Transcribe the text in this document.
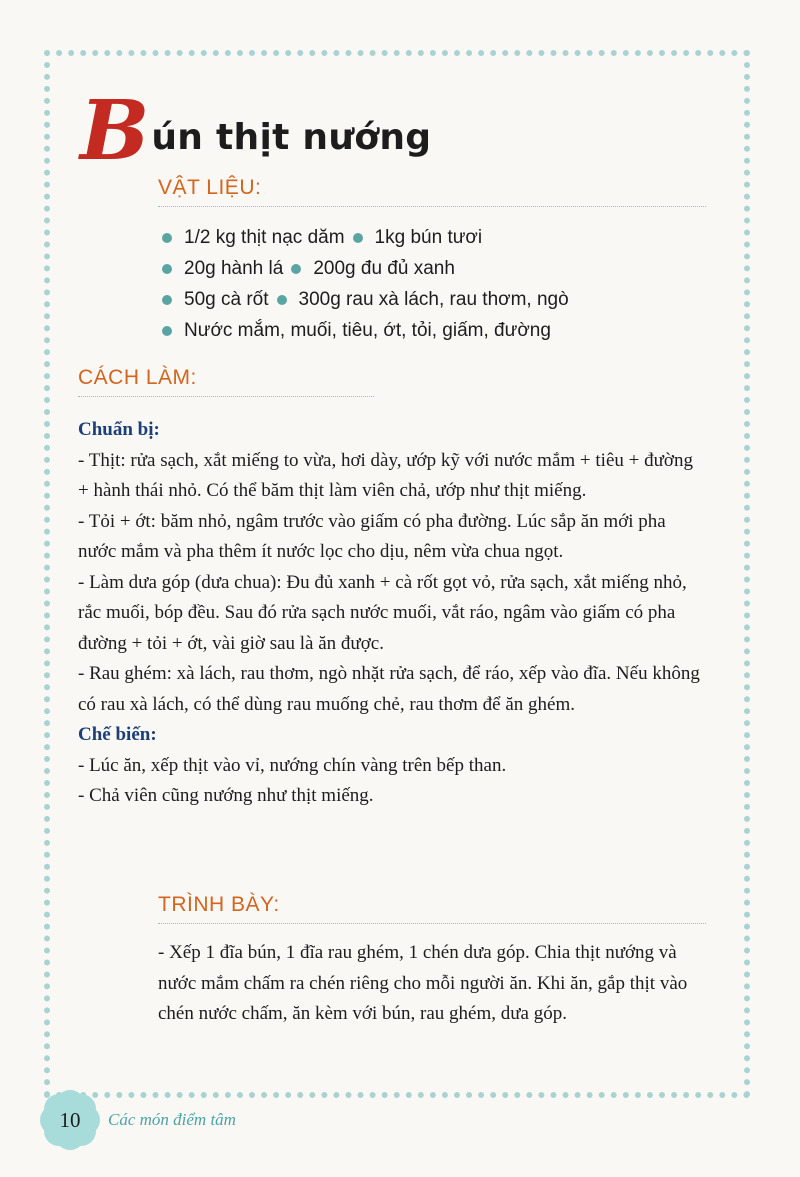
B ún thịt nướng
VẬT LIỆU:
1/2 kg thịt nạc dăm 1kg bún tươi
20g hành lá 200g đu đủ xanh
50g cà rốt 300g rau xà lách, rau thơm, ngò
Nước mắm, muối, tiêu, ớt, tỏi, giấm, đường
CÁCH LÀM:
Chuẩn bị:

- Thịt: rửa sạch, xắt miếng to vừa, hơi dày, ướp kỹ với nước mắm + tiêu + đường + hành thái nhỏ. Có thể băm thịt làm viên chả, ướp như thịt miếng.

- Tỏi + ớt: băm nhỏ, ngâm trước vào giấm có pha đường. Lúc sắp ăn mới pha nước mắm và pha thêm ít nước lọc cho dịu, nêm vừa chua ngọt.

- Làm dưa góp (dưa chua): Đu đủ xanh + cà rốt gọt vỏ, rửa sạch, xắt miếng nhỏ, rắc muối, bóp đều. Sau đó rửa sạch nước muối, vắt ráo, ngâm vào giấm có pha đường + tỏi + ớt, vài giờ sau là ăn được.

- Rau ghém: xà lách, rau thơm, ngò nhặt rửa sạch, để ráo, xếp vào đĩa. Nếu không có rau xà lách, có thể dùng rau muống chẻ, rau thơm để ăn ghém.

Chế biến:

- Lúc ăn, xếp thịt vào vỉ, nướng chín vàng trên bếp than.

- Chả viên cũng nướng như thịt miếng.

TRÌNH BÀY:

- Xếp 1 đĩa bún, 1 đĩa rau ghém, 1 chén dưa góp. Chia thịt nướng và nước mắm chấm ra chén riêng cho mỗi người ăn. Khi ăn, gắp thịt vào chén nước chấm, ăn kèm với bún, rau ghém, dưa góp.

10	Các món điểm tâm
